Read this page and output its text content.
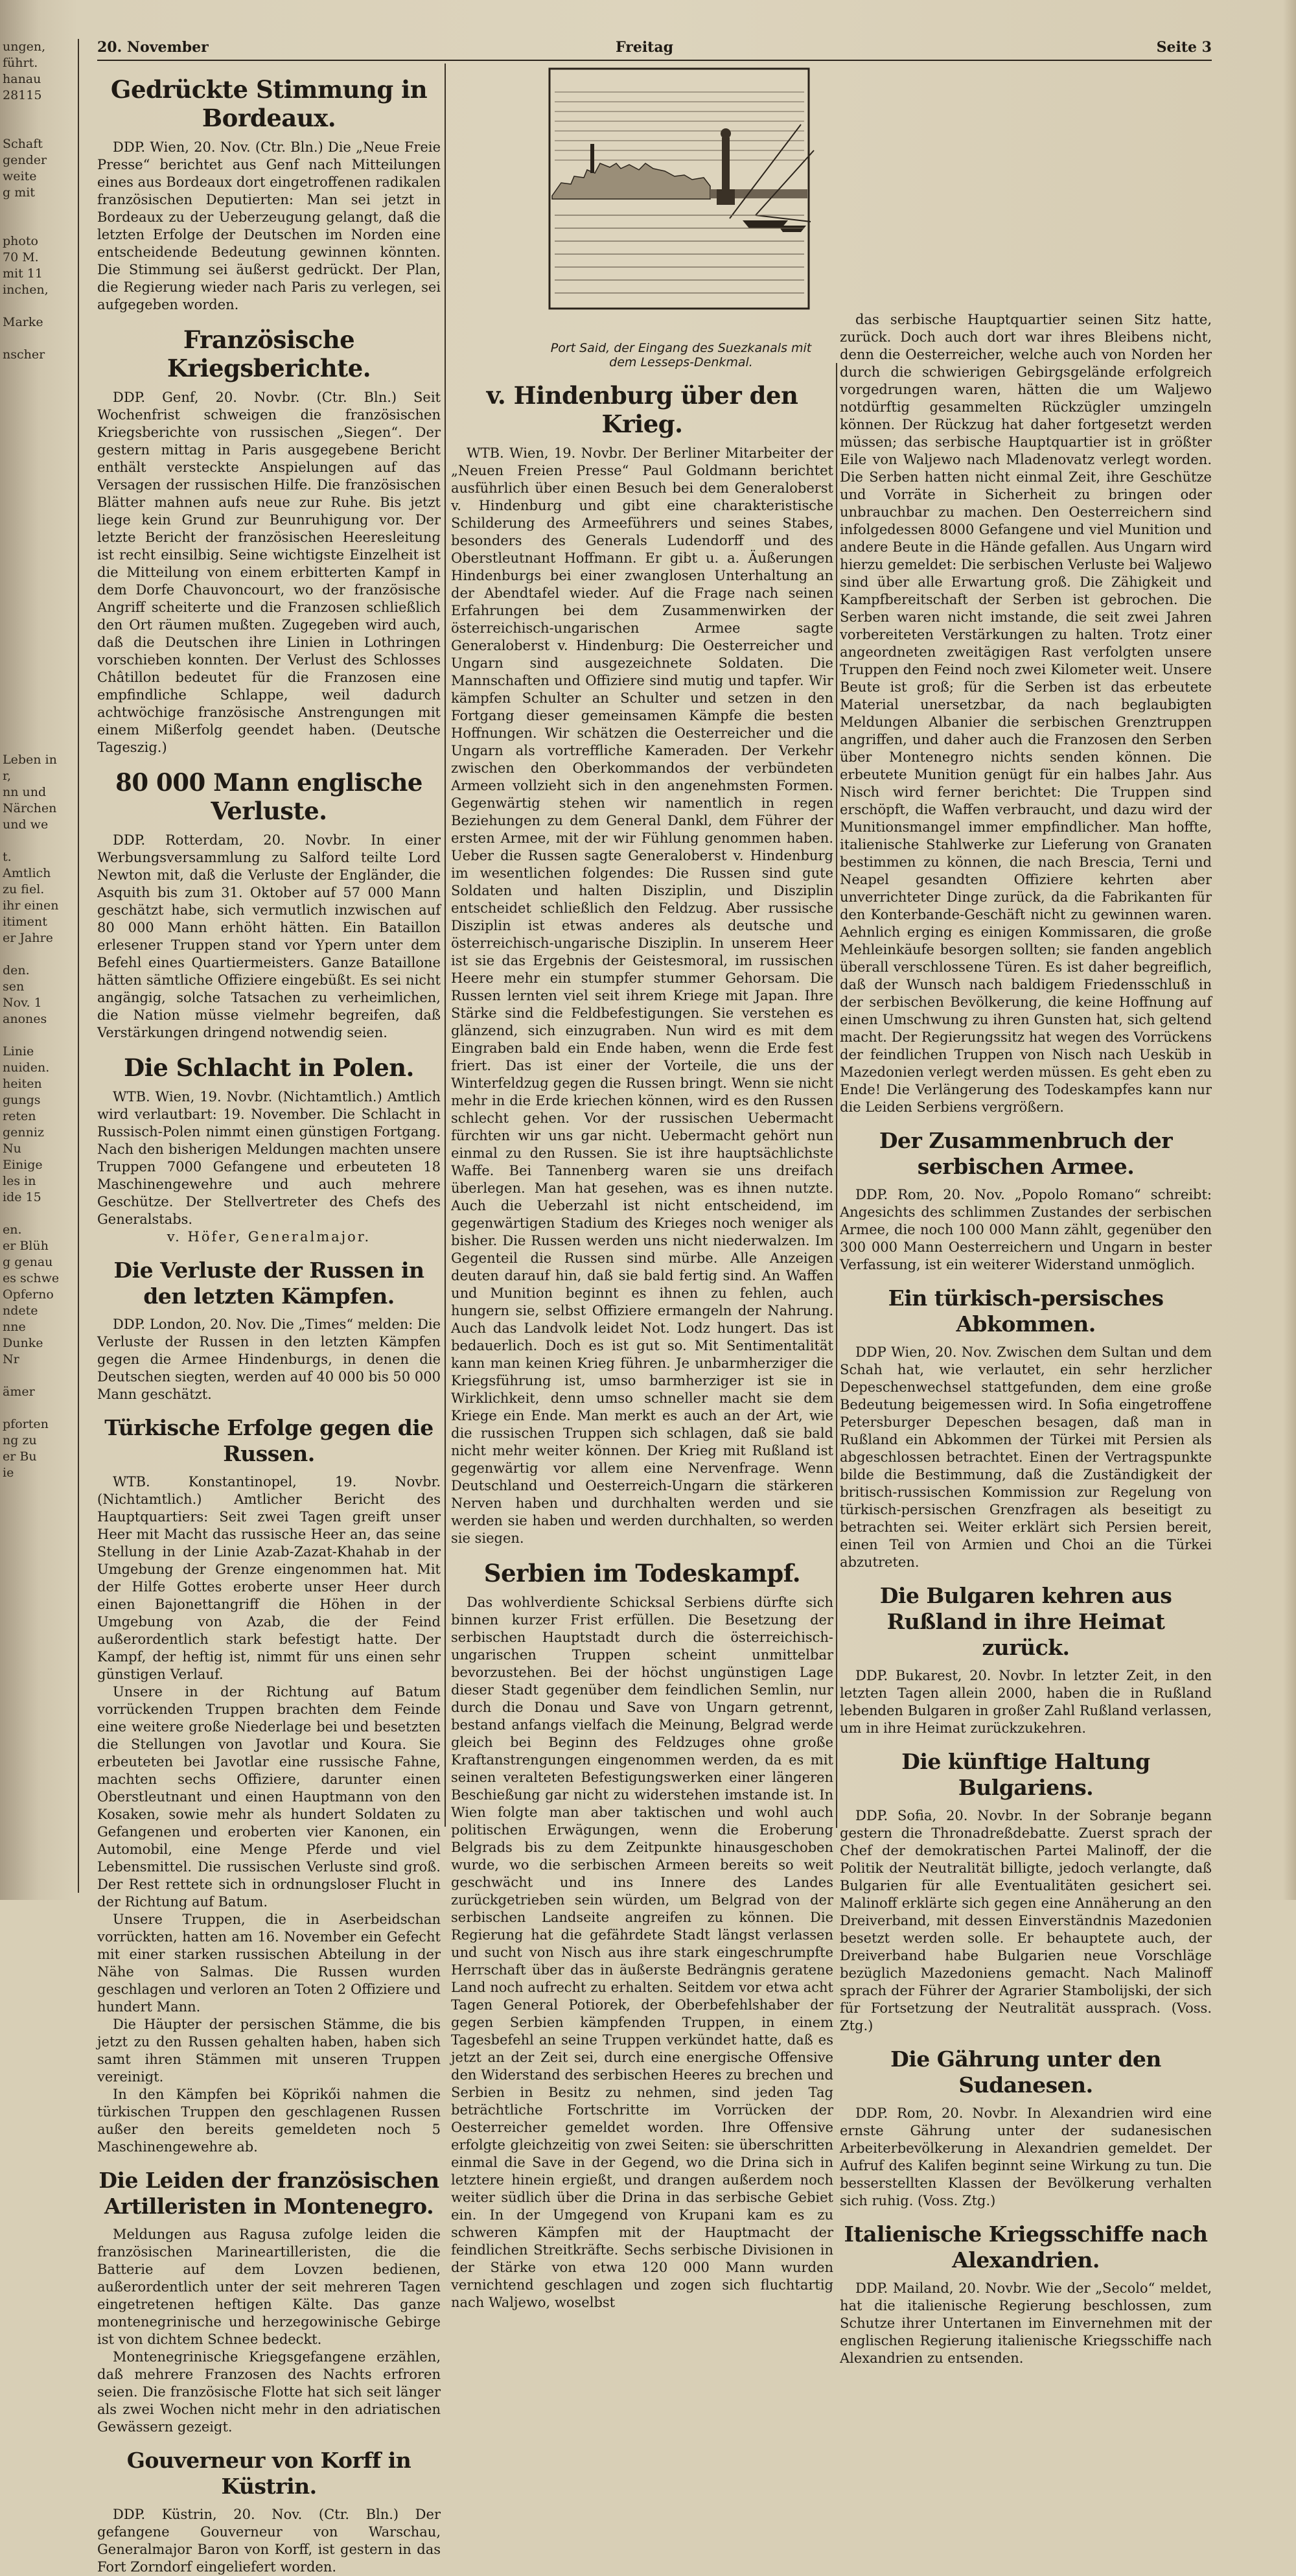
ungen,
führt.
hanau
28115

Schaft
gender
weite
g mit

photo
70 M.
mit 11
inchen,

Marke

nscher

Leben in
r,
nn und
Närchen
und we

t.
Amtlich
zu fiel.
ihr einen
itiment
er Jahre

den.
sen
Nov. 1
anones

Linie
nuiden.
heiten
gungs
reten
genniz
Nu
Einige
les in
ide 15

en.
er Blüh
g genau
es schwe
Opferno
ndete
nne
Dunke
Nr

ämer

pforten
ng zu
er Bu
ie
20. November	Freitag	Seite 3
Gedrückte Stimmung in Bordeaux.

DDP. Wien, 20. Nov. (Ctr. Bln.) Die „Neue Freie Presse“ berichtet aus Genf nach Mitteilungen eines aus Bordeaux dort eingetroffenen radikalen französischen Deputierten: Man sei jetzt in Bordeaux zu der Ueberzeugung gelangt, daß die letzten Erfolge der Deutschen im Norden eine entscheidende Bedeutung gewinnen könnten. Die Stimmung sei äußerst gedrückt. Der Plan, die Regierung wieder nach Paris zu verlegen, sei aufgegeben worden.

Französische Kriegsberichte.

DDP. Genf, 20. Novbr. (Ctr. Bln.) Seit Wochenfrist schweigen die französischen Kriegsberichte von russischen „Siegen“. Der gestern mittag in Paris ausgegebene Bericht enthält versteckte Anspielungen auf das Versagen der russischen Hilfe. Die französischen Blätter mahnen aufs neue zur Ruhe. Bis jetzt liege kein Grund zur Beunruhigung vor. Der letzte Bericht der französischen Heeresleitung ist recht einsilbig. Seine wichtigste Einzelheit ist die Mitteilung von einem erbitterten Kampf in dem Dorfe Chauvoncourt, wo der französische Angriff scheiterte und die Franzosen schließlich den Ort räumen mußten. Zugegeben wird auch, daß die Deutschen ihre Linien in Lothringen vorschieben konnten. Der Verlust des Schlosses Châtillon bedeutet für die Franzosen eine empfindliche Schlappe, weil dadurch achtwöchige französische Anstrengungen mit einem Mißerfolg geendet haben. (Deutsche Tageszig.)

80 000 Mann englische Verluste.

DDP. Rotterdam, 20. Novbr. In einer Werbungsversammlung zu Salford teilte Lord Newton mit, daß die Verluste der Engländer, die Asquith bis zum 31. Oktober auf 57 000 Mann geschätzt habe, sich vermutlich inzwischen auf 80 000 Mann erhöht hätten. Ein Bataillon erlesener Truppen stand vor Ypern unter dem Befehl eines Quartiermeisters. Ganze Bataillone hätten sämtliche Offiziere eingebüßt. Es sei nicht angängig, solche Tatsachen zu verheimlichen, die Nation müsse vielmehr begreifen, daß Verstärkungen dringend notwendig seien.

Die Schlacht in Polen.

WTB. Wien, 19. Novbr. (Nichtamtlich.) Amtlich wird verlautbart: 19. November. Die Schlacht in Russisch-Polen nimmt einen günstigen Fortgang. Nach den bisherigen Meldungen machten unsere Truppen 7000 Gefangene und erbeuteten 18 Maschinengewehre und auch mehrere Geschütze. Der Stellvertreter des Chefs des Generalstabs.

v. Höfer, Generalmajor.

Die Verluste der Russen in den letzten Kämpfen.

DDP. London, 20. Nov. Die „Times“ melden: Die Verluste der Russen in den letzten Kämpfen gegen die Armee Hindenburgs, in denen die Deutschen siegten, werden auf 40 000 bis 50 000 Mann geschätzt.

Türkische Erfolge gegen die Russen.

WTB. Konstantinopel, 19. Novbr. (Nichtamtlich.) Amtlicher Bericht des Hauptquartiers: Seit zwei Tagen greift unser Heer mit Macht das russische Heer an, das seine Stellung in der Linie Azab-Zazat-Khahab in der Umgebung der Grenze eingenommen hat. Mit der Hilfe Gottes eroberte unser Heer durch einen Bajonettangriff die Höhen in der Umgebung von Azab, die der Feind außerordentlich stark befestigt hatte. Der Kampf, der heftig ist, nimmt für uns einen sehr günstigen Verlauf.

Unsere in der Richtung auf Batum vorrückenden Truppen brachten dem Feinde eine weitere große Niederlage bei und besetzten die Stellungen von Javotlar und Koura. Sie erbeuteten bei Javotlar eine russische Fahne, machten sechs Offiziere, darunter einen Oberstleutnant und einen Hauptmann von den Kosaken, sowie mehr als hundert Soldaten zu Gefangenen und eroberten vier Kanonen, ein Automobil, eine Menge Pferde und viel Lebensmittel. Die russischen Verluste sind groß. Der Rest rettete sich in ordnungsloser Flucht in der Richtung auf Batum.

Unsere Truppen, die in Aserbeidschan vorrückten, hatten am 16. November ein Gefecht mit einer starken russischen Abteilung in der Nähe von Salmas. Die Russen wurden geschlagen und verloren an Toten 2 Offiziere und hundert Mann.

Die Häupter der persischen Stämme, die bis jetzt zu den Russen gehalten haben, haben sich samt ihren Stämmen mit unseren Truppen vereinigt.

In den Kämpfen bei Köprikői nahmen die türkischen Truppen den geschlagenen Russen außer den bereits gemeldeten noch 5 Maschinengewehre ab.

Die Leiden der französischen Artilleristen in Montenegro.

Meldungen aus Ragusa zufolge leiden die französischen Marineartilleristen, die die Batterie auf dem Lovzen bedienen, außerordentlich unter der seit mehreren Tagen eingetretenen heftigen Kälte. Das ganze montenegrinische und herzegowinische Gebirge ist von dichtem Schnee bedeckt.

Montenegrinische Kriegsgefangene erzählen, daß mehrere Franzosen des Nachts erfroren seien. Die französische Flotte hat sich seit länger als zwei Wochen nicht mehr in den adriatischen Gewässern gezeigt.

Gouverneur von Korff in Küstrin.

DDP. Küstrin, 20. Nov. (Ctr. Bln.) Der gefangene Gouverneur von Warschau, Generalmajor Baron von Korff, ist gestern in das Fort Zorndorf eingeliefert worden.

Port Said, der Eingang des Suezkanals mit dem Lesseps-Denkmal.
v. Hindenburg über den Krieg.

WTB. Wien, 19. Novbr. Der Berliner Mitarbeiter der „Neuen Freien Presse“ Paul Goldmann berichtet ausführlich über einen Besuch bei dem Generaloberst v. Hindenburg und gibt eine charakteristische Schilderung des Armeeführers und seines Stabes, besonders des Generals Ludendorff und des Oberstleutnant Hoffmann. Er gibt u. a. Äußerungen Hindenburgs bei einer zwanglosen Unterhaltung an der Abendtafel wieder. Auf die Frage nach seinen Erfahrungen bei dem Zusammenwirken der österreichisch-ungarischen Armee sagte Generaloberst v. Hindenburg: Die Oesterreicher und Ungarn sind ausgezeichnete Soldaten. Die Mannschaften und Offiziere sind mutig und tapfer. Wir kämpfen Schulter an Schulter und setzen in den Fortgang dieser gemeinsamen Kämpfe die besten Hoffnungen. Wir schätzen die Oesterreicher und die Ungarn als vortreffliche Kameraden. Der Verkehr zwischen den Oberkommandos der verbündeten Armeen vollzieht sich in den angenehmsten Formen. Gegenwärtig stehen wir namentlich in regen Beziehungen zu dem General Dankl, dem Führer der ersten Armee, mit der wir Fühlung genommen haben. Ueber die Russen sagte Generaloberst v. Hindenburg im wesentlichen folgendes: Die Russen sind gute Soldaten und halten Disziplin, und Disziplin entscheidet schließlich den Feldzug. Aber russische Disziplin ist etwas anderes als deutsche und österreichisch-ungarische Disziplin. In unserem Heer ist sie das Ergebnis der Geistesmoral, im russischen Heere mehr ein stumpfer stummer Gehorsam. Die Russen lernten viel seit ihrem Kriege mit Japan. Ihre Stärke sind die Feldbefestigungen. Sie verstehen es glänzend, sich einzugraben. Nun wird es mit dem Eingraben bald ein Ende haben, wenn die Erde fest friert. Das ist einer der Vorteile, die uns der Winterfeldzug gegen die Russen bringt. Wenn sie nicht mehr in die Erde kriechen können, wird es den Russen schlecht gehen. Vor der russischen Uebermacht fürchten wir uns gar nicht. Uebermacht gehört nun einmal zu den Russen. Sie ist ihre hauptsächlichste Waffe. Bei Tannenberg waren sie uns dreifach überlegen. Man hat gesehen, was es ihnen nutzte. Auch die Ueberzahl ist nicht entscheidend, im gegenwärtigen Stadium des Krieges noch weniger als bisher. Die Russen werden uns nicht niederwalzen. Im Gegenteil die Russen sind mürbe. Alle Anzeigen deuten darauf hin, daß sie bald fertig sind. An Waffen und Munition beginnt es ihnen zu fehlen, auch hungern sie, selbst Offiziere ermangeln der Nahrung. Auch das Landvolk leidet Not. Lodz hungert. Das ist bedauerlich. Doch es ist gut so. Mit Sentimentalität kann man keinen Krieg führen. Je unbarmherziger die Kriegsführung ist, umso barmherziger ist sie in Wirklichkeit, denn umso schneller macht sie dem Kriege ein Ende. Man merkt es auch an der Art, wie die russischen Truppen sich schlagen, daß sie bald nicht mehr weiter können. Der Krieg mit Rußland ist gegenwärtig vor allem eine Nervenfrage. Wenn Deutschland und Oesterreich-Ungarn die stärkeren Nerven haben und durchhalten werden und sie werden sie haben und werden durchhalten, so werden sie siegen.

Serbien im Todeskampf.

Das wohlverdiente Schicksal Serbiens dürfte sich binnen kurzer Frist erfüllen. Die Besetzung der serbischen Hauptstadt durch die österreichisch-ungarischen Truppen scheint unmittelbar bevorzustehen. Bei der höchst ungünstigen Lage dieser Stadt gegenüber dem feindlichen Semlin, nur durch die Donau und Save von Ungarn getrennt, bestand anfangs vielfach die Meinung, Belgrad werde gleich bei Beginn des Feldzuges ohne große Kraftanstrengungen eingenommen werden, da es mit seinen veralteten Befestigungswerken einer längeren Beschießung gar nicht zu widerstehen imstande ist. In Wien folgte man aber taktischen und wohl auch politischen Erwägungen, wenn die Eroberung Belgrads bis zu dem Zeitpunkte hinausgeschoben wurde, wo die serbischen Armeen bereits so weit geschwächt und ins Innere des Landes zurückgetrieben sein würden, um Belgrad von der serbischen Landseite angreifen zu können. Die Regierung hat die gefährdete Stadt längst verlassen und sucht von Nisch aus ihre stark eingeschrumpfte Herrschaft über das in äußerste Bedrängnis geratene Land noch aufrecht zu erhalten. Seitdem vor etwa acht Tagen General Potiorek, der Oberbefehlshaber der gegen Serbien kämpfenden Truppen, in einem Tagesbefehl an seine Truppen verkündet hatte, daß es jetzt an der Zeit sei, durch eine energische Offensive den Widerstand des serbischen Heeres zu brechen und Serbien in Besitz zu nehmen, sind jeden Tag beträchtliche Fortschritte im Vorrücken der Oesterreicher gemeldet worden. Ihre Offensive erfolgte gleichzeitig von zwei Seiten: sie überschritten einmal die Save in der Gegend, wo die Drina sich in letztere hinein ergießt, und drangen außerdem noch weiter südlich über die Drina in das serbische Gebiet ein. In der Umgegend von Krupani kam es zu schweren Kämpfen mit der Hauptmacht der feindlichen Streitkräfte. Sechs serbische Divisionen in der Stärke von etwa 120 000 Mann wurden vernichtend geschlagen und zogen sich fluchtartig nach Waljewo, woselbst

das serbische Hauptquartier seinen Sitz hatte, zurück. Doch auch dort war ihres Bleibens nicht, denn die Oesterreicher, welche auch von Norden her durch die schwierigen Gebirgsgelände erfolgreich vorgedrungen waren, hätten die um Waljewo notdürftig gesammelten Rückzügler umzingeln können. Der Rückzug hat daher fortgesetzt werden müssen; das serbische Hauptquartier ist in größter Eile von Waljewo nach Mladenovatz verlegt worden. Die Serben hatten nicht einmal Zeit, ihre Geschütze und Vorräte in Sicherheit zu bringen oder unbrauchbar zu machen. Den Oesterreichern sind infolgedessen 8000 Gefangene und viel Munition und andere Beute in die Hände gefallen. Aus Ungarn wird hierzu gemeldet: Die serbischen Verluste bei Waljewo sind über alle Erwartung groß. Die Zähigkeit und Kampfbereitschaft der Serben ist gebrochen. Die Serben waren nicht imstande, die seit zwei Jahren vorbereiteten Verstärkungen zu halten. Trotz einer angeordneten zweitägigen Rast verfolgten unsere Truppen den Feind noch zwei Kilometer weit. Unsere Beute ist groß; für die Serben ist das erbeutete Material unersetzbar, da nach beglaubigten Meldungen Albanier die serbischen Grenztruppen angriffen, und daher auch die Franzosen den Serben über Montenegro nichts senden können. Die erbeutete Munition genügt für ein halbes Jahr. Aus Nisch wird ferner berichtet: Die Truppen sind erschöpft, die Waffen verbraucht, und dazu wird der Munitionsmangel immer empfindlicher. Man hoffte, italienische Stahlwerke zur Lieferung von Granaten bestimmen zu können, die nach Brescia, Terni und Neapel gesandten Offiziere kehrten aber unverrichteter Dinge zurück, da die Fabrikanten für den Konterbande-Geschäft nicht zu gewinnen waren. Aehnlich erging es einigen Kommissaren, die große Mehleinkäufe besorgen sollten; sie fanden angeblich überall verschlossene Türen. Es ist daher begreiflich, daß der Wunsch nach baldigem Friedensschluß in der serbischen Bevölkerung, die keine Hoffnung auf einen Umschwung zu ihren Gunsten hat, sich geltend macht. Der Regierungssitz hat wegen des Vorrückens der feindlichen Truppen von Nisch nach Uesküb in Mazedonien verlegt werden müssen. Es geht eben zu Ende! Die Verlängerung des Todeskampfes kann nur die Leiden Serbiens vergrößern.

Der Zusammenbruch der serbischen Armee.

DDP. Rom, 20. Nov. „Popolo Romano“ schreibt: Angesichts des schlimmen Zustandes der serbischen Armee, die noch 100 000 Mann zählt, gegenüber den 300 000 Mann Oesterreichern und Ungarn in bester Verfassung, ist ein weiterer Widerstand unmöglich.

Ein türkisch-persisches Abkommen.

DDP Wien, 20. Nov. Zwischen dem Sultan und dem Schah hat, wie verlautet, ein sehr herzlicher Depeschenwechsel stattgefunden, dem eine große Bedeutung beigemessen wird. In Sofia eingetroffene Petersburger Depeschen besagen, daß man in Rußland ein Abkommen der Türkei mit Persien als abgeschlossen betrachtet. Einen der Vertragspunkte bilde die Bestimmung, daß die Zuständigkeit der britisch-russischen Kommission zur Regelung von türkisch-persischen Grenzfragen als beseitigt zu betrachten sei. Weiter erklärt sich Persien bereit, einen Teil von Armien und Choi an die Türkei abzutreten.

Die Bulgaren kehren aus Rußland in ihre Heimat zurück.

DDP. Bukarest, 20. Novbr. In letzter Zeit, in den letzten Tagen allein 2000, haben die in Rußland lebenden Bulgaren in großer Zahl Rußland verlassen, um in ihre Heimat zurückzukehren.

Die künftige Haltung Bulgariens.

DDP. Sofia, 20. Novbr. In der Sobranje begann gestern die Thronadreßdebatte. Zuerst sprach der Chef der demokratischen Partei Malinoff, der die Politik der Neutralität billigte, jedoch verlangte, daß Bulgarien für alle Eventualitäten gesichert sei. Malinoff erklärte sich gegen eine Annäherung an den Dreiverband, mit dessen Einverständnis Mazedonien besetzt werden solle. Er behauptete auch, der Dreiverband habe Bulgarien neue Vorschläge bezüglich Mazedoniens gemacht. Nach Malinoff sprach der Führer der Agrarier Stambolijski, der sich für Fortsetzung der Neutralität aussprach. (Voss. Ztg.)

Die Gährung unter den Sudanesen.

DDP. Rom, 20. Novbr. In Alexandrien wird eine ernste Gährung unter der sudanesischen Arbeiterbevölkerung in Alexandrien gemeldet. Der Aufruf des Kalifen beginnt seine Wirkung zu tun. Die besserstellten Klassen der Bevölkerung verhalten sich ruhig. (Voss. Ztg.)

Italienische Kriegsschiffe nach Alexandrien.

DDP. Mailand, 20. Novbr. Wie der „Secolo“ meldet, hat die italienische Regierung beschlossen, zum Schutze ihrer Untertanen im Einvernehmen mit der englischen Regierung italienische Kriegsschiffe nach Alexandrien zu entsenden.
